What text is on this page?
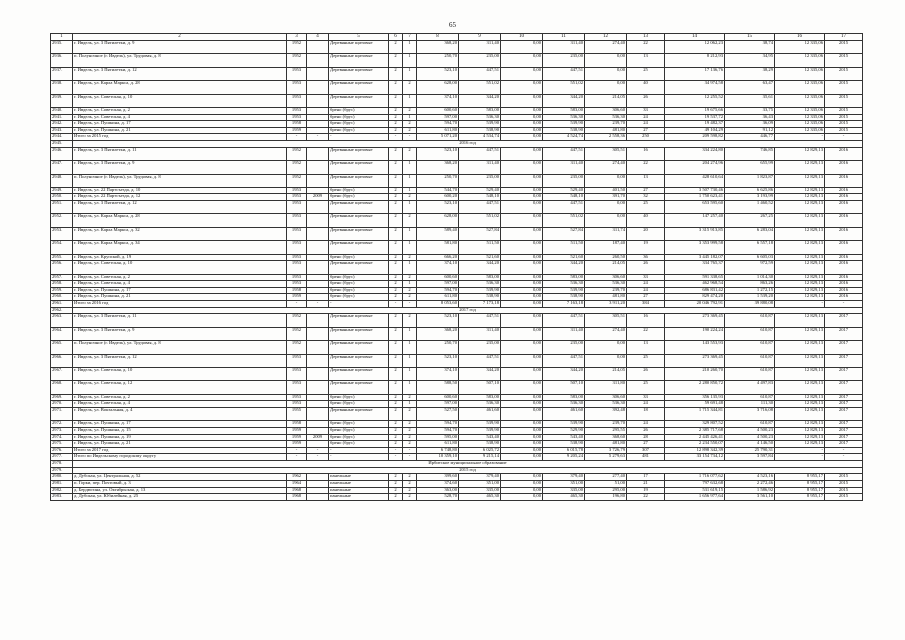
65
1	2	3	4	5	6	7	8	9	10	11	12	13	14	15	16	17
2935.	г. Ивдель, ул. 3 Пятилетки, д. 9	1952		Деревянные щитовые	2	1	368,20	311,40	0,00	311,40	274,40	22	12 062,23	38,74	12 335,06	2015
2936.	п. Полуночное (г. Ивдель), ул. Трудовая, д. 8	1952		Деревянные щитовые	2	1	250,70	235,00	0,00	235,00	0,00	13	8 212,93	34,95	12 335,06	2015
2937.	г. Ивдель, ул. 3 Пятилетки, д. 12	1953		Деревянные щитовые	2	1	523,10	447,51	0,00	447,51	0,00	25	17 136,76	38,29	12 335,06	2015
2938.	г. Ивдель, ул. Карла Маркса, д. 28	1953		Деревянные щитовые	2	2	628,00	551,02	0,00	551,02	0,00	40	34 974,58	63,47	12 335,06	2015
2939.	г. Ивдель, ул. Советская, д. 10	1953		Деревянные щитовые	2	1	374,10	344,20	0,00	344,20	214,05	26	12 255,52	35,61	12 335,06	2015
2940.	г. Ивдель, ул. Советская, д. 2	1953		брено (брус)	2	2	600,60	583,00	0,00	583,00	306,60	33	19 675,66	33,75	12 335,06	2015
2941.	г. Ивдель, ул. Советская, д. 4	1953		брено (брус)	2	1	597,00	536,30	0,00	536,30	536,30	24	19 537,72	36,43	12 335,06	2015
2942.	г. Ивдель, ул. Пушкина, д. 17	1958		брено (брус)	2	2	594,70	539,90	0,00	539,90	239,70	24	19 482,37	36,09	12 335,06	2015
2943.	г. Ивдель, ул. Пушкина, д. 21	1959		брено (брус)	2	2	611,80	538,90	0,00	538,90	481,80	27	49 104,29	91,12	12 335,06	2015
2944.	Итого за 2015 год	-	-	-	-	-	5 071,20	4 534,74	0,00	4 524,74	2 558,36	250	209 598,82	446,77	-	-
2945.	2016 год															
2946.	г. Ивдель, ул. 3 Пятилетки, д. 11	1952		Деревянные щитовые	2	2	523,10	447,51	0,00	447,51	305,51	16	334 224,80	746,85	12 829,13	2016
2947.	г. Ивдель, ул. 3 Пятилетки, д. 9	1952		Деревянные щитовые	2	1	368,20	311,40	0,00	311,40	274,40	22	204 274,96	655,99	12 829,13	2016
2948.	п. Полуночное (г. Ивдель), ул. Трудовая, д. 8	1952		Деревянные щитовые	2	1	250,70	235,00	0,00	235,00	0,00	13	428 610,64	1 823,87	12 829,13	2016
2949.	г. Ивдель, ул. 22 Партсъезда, д. 10	1953		брено (брус)	2	1	544,70	529,40	0,00	529,40	401,50	27	3 507 730,46	6 625,86	12 829,13	2016
2950.	г. Ивдель, ул. 22 Партсъезда, д. 12	1953	2009	брено (брус)	2	2	600,20	548,10	0,00	548,10	391,70	32	1 750 623,41	3 193,99	12 829,13	2016
2951.	г. Ивдель, ул. 3 Пятилетки, д. 12	1953		Деревянные щитовые	2	1	523,10	447,51	0,00	447,51	0,00	25	653 595,60	1 460,52	12 829,13	2016
2952.	г. Ивдель, ул. Карла Маркса, д. 28	1953		Деревянные щитовые	2	2	628,00	551,02	0,00	551,02	0,00	40	147 257,40	267,25	12 829,13	2016
2953.	г. Ивдель, ул. Карла Маркса, д. 32	1953		Деревянные щитовые	2	1	589,40	527,84	0,00	527,84	311,74	20	3 315 913,85	6 283,04	12 829,13	2016
2954.	г. Ивдель, ул. Карла Маркса, д. 34	1953		Деревянные щитовые	2	1	581,80	511,50	0,00	511,50	187,40	19	3 353 999,58	6 557,18	12 829,13	2016
2955.	г. Ивдель, ул. Крупской, д. 19	1953		брено (брус)	2	2	666,20	521,60	0,00	521,60	260,50	36	3 445 182,07	6 605,03	12 829,13	2016
2956.	г. Ивдель, ул. Советская, д. 10	1953		Деревянные щитовые	2	1	374,10	344,20	0,00	344,20	214,05	26	334 765,37	972,59	12 829,13	2016
2957.	г. Ивдель, ул. Советская, д. 2	1953		брено (брус)	2	2	600,60	583,00	0,00	583,00	306,60	33	591 338,65	1 014,30	12 829,13	2016
2958.	г. Ивдель, ул. Советская, д. 4	1953		брено (брус)	2	1	597,00	536,30	0,00	536,30	536,30	24	462 968,54	863,26	12 829,13	2016
2959.	г. Ивдель, ул. Пушкина, д. 17	1958		брено (брус)	2	2	594,70	539,90	0,00	539,90	239,70	24	686 831,42	1 272,15	12 829,13	2016
2960.	г. Ивдель, ул. Пушкина, д. 21	1959		брено (брус)	2	2	611,80	538,90	0,00	538,90	481,80	27	829 474,20	1 539,20	12 829,13	2016
2961.	Итого за 2016 год	-	-	-	-	-	8 053,60	7 173,18	0,00	7 163,18	3 911,20	384	20 046 792,91	39 880,08	-	-
2962.	2017 год															
2963.	г. Ивдель, ул. 3 Пятилетки, д. 11	1952		Деревянные щитовые	2	2	523,10	447,51	0,00	447,51	305,51	16	273 369,45	610,87	12 829,13	2017
2964.	г. Ивдель, ул. 3 Пятилетки, д. 9	1952		Деревянные щитовые	2	1	368,20	311,40	0,00	311,40	274,40	22	190 224,24	610,87	12 829,13	2017
2965.	п. Полуночное (г. Ивдель), ул. Трудовая, д. 8	1952		Деревянные щитовые	2	1	250,70	235,00	0,00	235,00	0,00	13	143 553,93	610,87	12 829,13	2017
2966.	г. Ивдель, ул. 3 Пятилетки, д. 12	1953		Деревянные щитовые	2	1	523,10	447,51	0,00	447,51	0,00	25	273 369,45	610,87	12 829,13	2017
2967.	г. Ивдель, ул. Советская, д. 10	1953		Деревянные щитовые	2	1	374,10	344,20	0,00	344,20	214,05	26	210 260,70	610,87	12 829,13	2017
2968.	г. Ивдель, ул. Советская, д. 12	1953		Деревянные щитовые	2	1	588,50	507,10	0,00	507,10	311,80	25	2 280 850,72	4 497,83	12 829,13	2017
2969.	г. Ивдель, ул. Советская, д. 2	1953		брено (брус)	2	2	600,60	583,00	0,00	583,00	306,60	33	356 135,93	610,87	12 829,13	2017
2970.	г. Ивдель, ул. Советская, д. 4	1953		брено (брус)	2	1	597,00	536,30	0,00	536,30	536,30	24	59 691,48	111,30	12 829,13	2017
2971.	г. Ивдель, ул. Вокзальная, д. 4	1955		Деревянные щитовые	2	2	527,50	461,60	0,00	461,60	392,48	18	1 715 344,81	3 716,08	12 829,13	2017
2972.	г. Ивдель, ул. Пушкина, д. 17	1958		брено (брус)	2	2	594,70	539,90	0,00	539,90	239,70	24	329 807,52	610,87	12 829,13	2017
2973.	г. Ивдель, ул. Пушкина, д. 15	1959		брено (брус)	2	2	594,70	539,90	0,00	529,90	295,55	26	2 385 717,68	4 500,23	12 829,13	2017
2974.	г. Ивдель, ул. Пушкина, д. 19	1959	2009	брено (брус)	2	2	595,00	543,40	0,00	543,40	368,60	28	2 445 426,41	4 500,23	12 829,13	2017
2975.	г. Ивдель, ул. Пушкина, д. 21	1959		брено (брус)	2	2	611,80	538,90	0,00	538,90	481,80	27	2 234 550,07	4 146,50	12 829,13	2017
2976.	Итого за 2017 год	-	-	-	-	-	6 748,80	6 025,72	0,00	6 015,78	3 726,79	307	12 898 342,39	25 790,31	-	-
2977.	Итого по Ивдельскому городскому округу	-	-	-	-	-	10 359,10	9 215,14	0,00	9 205,24	5 279,63	481	33 154 734,12	3 597,84	-	-
2978.	Ирбитское муниципальное образование															
2979.	2015 год															
2980.	д. Дубская, ул. Центральная, д. 52	1962		панельные	2	2	399,60	379,40	0,00	379,40	277,40	17	1 716 077,62	4 523,16	8 955,17	2015
2981.	п. Горки, пер. Почтовый, д. 3	1964		панельные	2	2	374,60	351,00	0,00	351,00	51,00	21	797 632,68	2 272,46	8 955,17	2015
2982.	д. Бердюгина, ул. Октябрьская, д. 13	1968		панельные	2	2	363,00	335,00	0,00	335,00	295,00	19	531 619,15	1 586,92	8 955,17	2015
2983.	д. Дубская, ул. Юбилейная, д. 25	1968		панельные	2	2	528,70	465,30	0,00	465,30	196,80	22	1 656 977,64	3 561,10	8 955,17	2015
